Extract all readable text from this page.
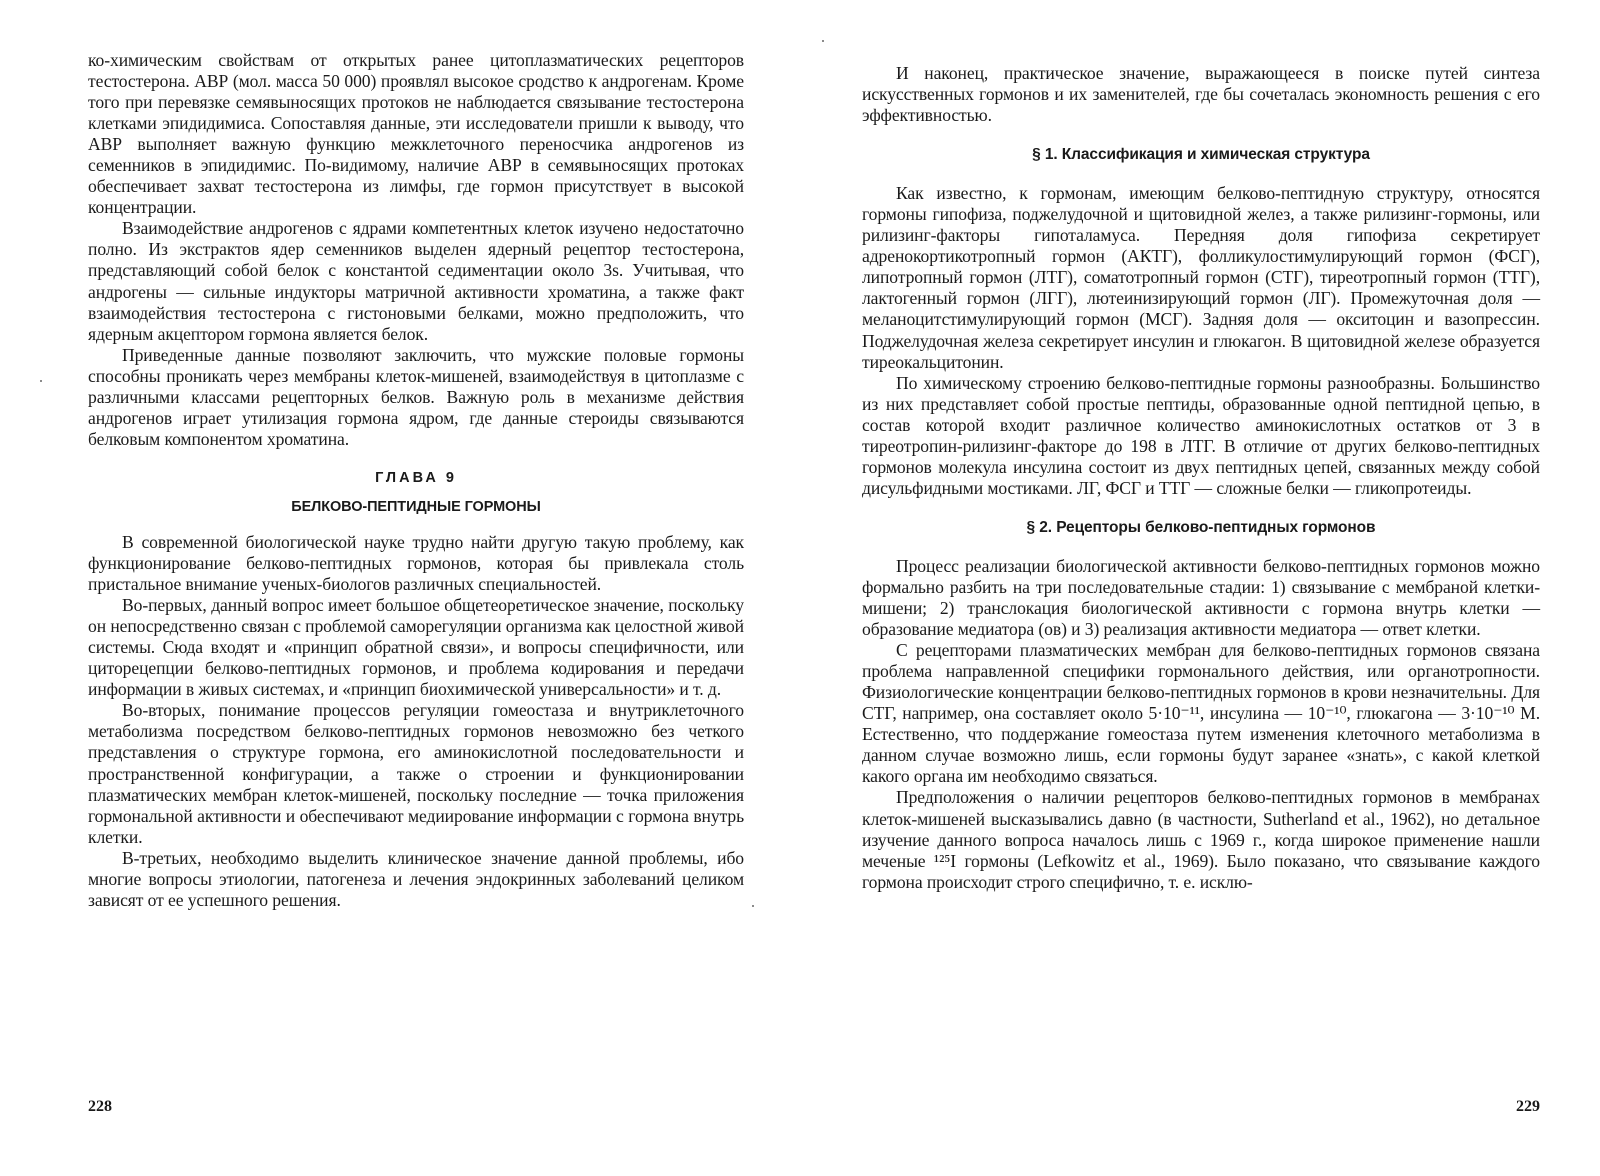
ко-химическим свойствам от открытых ранее цитоплазматических рецепторов тестостерона. АВР (мол. масса 50 000) проявлял высокое сродство к андрогенам. Кроме того при перевязке семявыносящих протоков не наблюдается связывание тестостерона клетками эпидидимиса. Сопоставляя данные, эти исследователи пришли к выводу, что АВР выполняет важную функцию межклеточного переносчика андрогенов из семенников в эпидидимис. По-видимому, наличие АВР в семявыносящих протоках обеспечивает захват тестостерона из лимфы, где гормон присутствует в высокой концентрации.

Взаимодействие андрогенов с ядрами компетентных клеток изучено недостаточно полно. Из экстрактов ядер семенников выделен ядерный рецептор тестостерона, представляющий собой белок с константой седиментации около 3s. Учитывая, что андрогены — сильные индукторы матричной активности хроматина, а также факт взаимодействия тестостерона с гистоновыми белками, можно предположить, что ядерным акцептором гормона является белок.

Приведенные данные позволяют заключить, что мужские половые гормоны способны проникать через мембраны клеток-мишеней, взаимодействуя в цитоплазме с различными классами рецепторных белков. Важную роль в механизме действия андрогенов играет утилизация гормона ядром, где данные стероиды связываются белковым компонентом хроматина.

ГЛАВА 9

БЕЛКОВО-ПЕПТИДНЫЕ ГОРМОНЫ

В современной биологической науке трудно найти другую такую проблему, как функционирование белково-пептидных гормонов, которая бы привлекала столь пристальное внимание ученых-биологов различных специальностей.

Во-первых, данный вопрос имеет большое общетеоретическое значение, поскольку он непосредственно связан с проблемой саморегуляции организма как целостной живой системы. Сюда входят и «принцип обратной связи», и вопросы специфичности, или циторецепции белково-пептидных гормонов, и проблема кодирования и передачи информации в живых системах, и «принцип биохимической универсальности» и т. д.

Во-вторых, понимание процессов регуляции гомеостаза и внутриклеточного метаболизма посредством белково-пептидных гормонов невозможно без четкого представления о структуре гормона, его аминокислотной последовательности и пространственной конфигурации, а также о строении и функционировании плазматических мембран клеток-мишеней, поскольку последние — точка приложения гормональной активности и обеспечивают медиирование информации с гормона внутрь клетки.

В-третьих, необходимо выделить клиническое значение данной проблемы, ибо многие вопросы этиологии, патогенеза и лечения эндокринных заболеваний целиком зависят от ее успешного решения.

228

И наконец, практическое значение, выражающееся в поиске путей синтеза искусственных гормонов и их заменителей, где бы сочеталась экономность решения с его эффективностью.

§ 1. Классификация и химическая структура

Как известно, к гормонам, имеющим белково-пептидную структуру, относятся гормоны гипофиза, поджелудочной и щитовидной желез, а также рилизинг-гормоны, или рилизинг-факторы гипоталамуса. Передняя доля гипофиза секретирует адренокортикотропный гормон (АКТГ), фолликулостимулирующий гормон (ФСГ), липотропный гормон (ЛТГ), соматотропный гормон (СТГ), тиреотропный гормон (ТТГ), лактогенный гормон (ЛГГ), лютеинизирующий гормон (ЛГ). Промежуточная доля — меланоцитстимулирующий гормон (МСГ). Задняя доля — окситоцин и вазопрессин. Поджелудочная железа секретирует инсулин и глюкагон. В щитовидной железе образуется тиреокальцитонин.

По химическому строению белково-пептидные гормоны разнообразны. Большинство из них представляет собой простые пептиды, образованные одной пептидной цепью, в состав которой входит различное количество аминокислотных остатков от 3 в тиреотропин-рилизинг-факторе до 198 в ЛТГ. В отличие от других белково-пептидных гормонов молекула инсулина состоит из двух пептидных цепей, связанных между собой дисульфидными мостиками. ЛГ, ФСГ и ТТГ — сложные белки — гликопротеиды.

§ 2. Рецепторы белково-пептидных гормонов

Процесс реализации биологической активности белково-пептидных гормонов можно формально разбить на три последовательные стадии: 1) связывание с мембраной клетки-мишени; 2) транслокация биологической активности с гормона внутрь клетки — образование медиатора (ов) и 3) реализация активности медиатора — ответ клетки.

С рецепторами плазматических мембран для белково-пептидных гормонов связана проблема направленной специфики гормонального действия, или органотропности. Физиологические концентрации белково-пептидных гормонов в крови незначительны. Для СТГ, например, она составляет около 5·10⁻¹¹, инсулина — 10⁻¹⁰, глюкагона — 3·10⁻¹⁰ М. Естественно, что поддержание гомеостаза путем изменения клеточного метаболизма в данном случае возможно лишь, если гормоны будут заранее «знать», с какой клеткой какого органа им необходимо связаться.

Предположения о наличии рецепторов белково-пептидных гормонов в мембранах клеток-мишеней высказывались давно (в частности, Sutherland et al., 1962), но детальное изучение данного вопроса началось лишь с 1969 г., когда широкое применение нашли меченые ¹²⁵I гормоны (Lefkowitz et al., 1969). Было показано, что связывание каждого гормона происходит строго специфично, т. е. исклю-

229
